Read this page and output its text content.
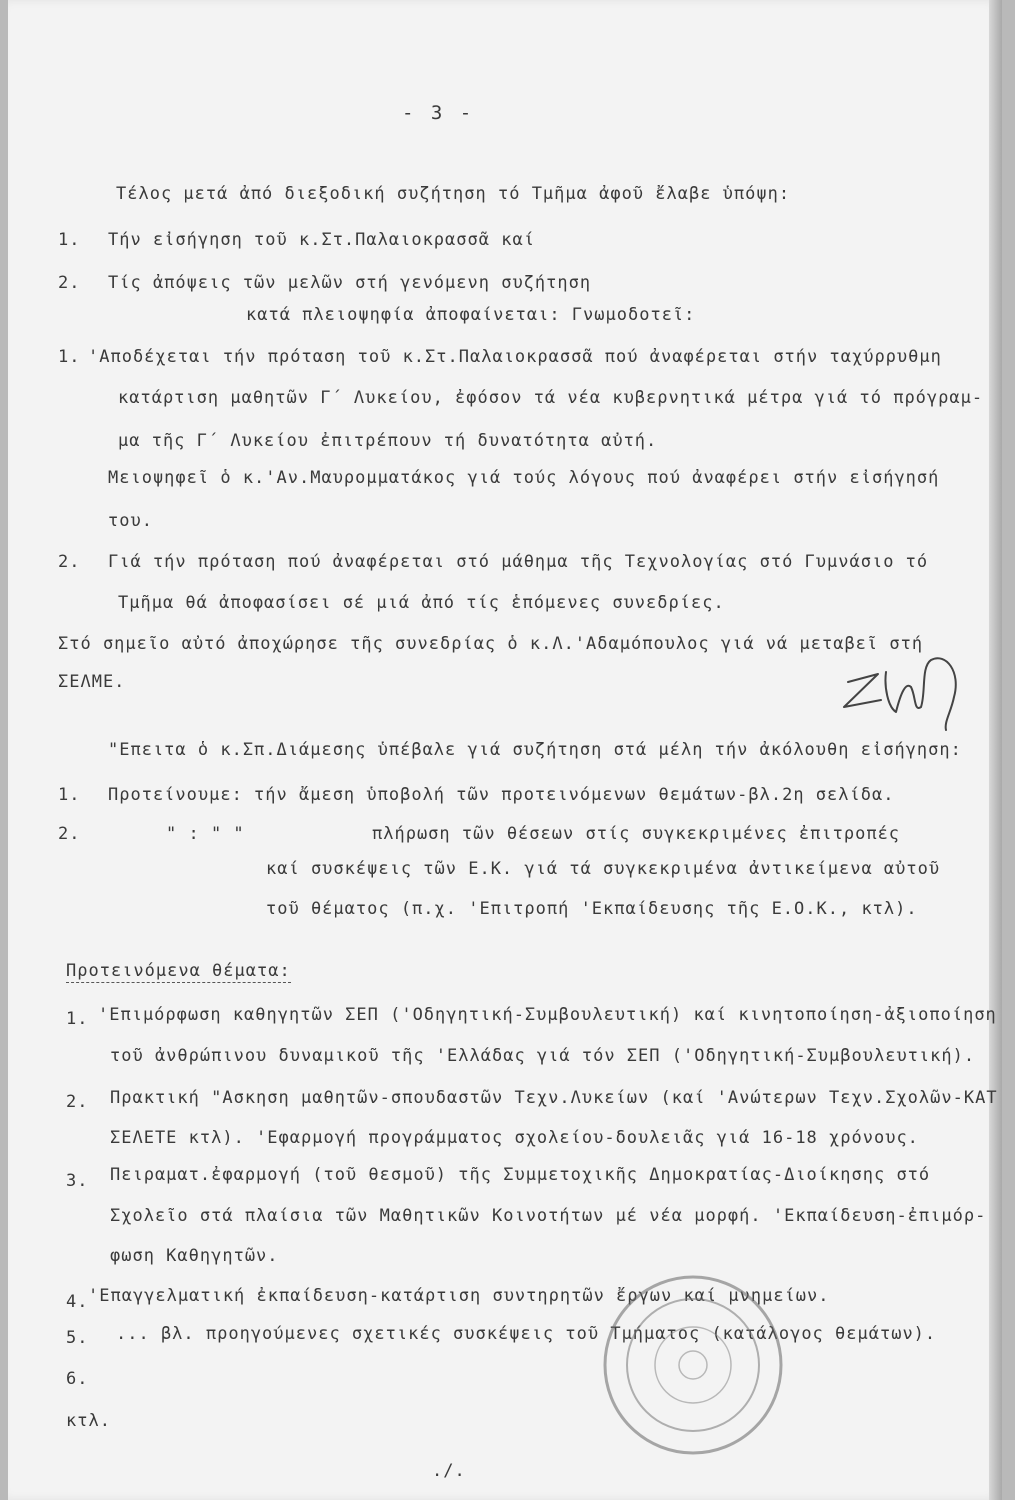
- 3 -
Τέλος μετά ἀπό διεξοδική συζήτηση τό Τμῆμα ἀφοῦ ἔλαβε ὑπόψη:
1. Τήν εἰσήγηση τοῦ κ.Στ.Παλαιοκρασσᾶ καί
2. Τίς ἀπόψεις τῶν μελῶν στή γενόμενη συζήτηση
κατά πλειοψηφία ἀποφαίνεται: Γνωμοδοτεῖ:
1. 'Αποδέχεται τήν πρόταση τοῦ κ.Στ.Παλαιοκρασσᾶ πού ἀναφέρεται στήν ταχύρρυθμη
κατάρτιση μαθητῶν Γ΄ Λυκείου, ἐφόσον τά νέα κυβερνητικά μέτρα γιά τό πρόγραμ-
μα τῆς Γ΄ Λυκείου ἐπιτρέπουν τή δυνατότητα αὐτή.
Μειοψηφεῖ ὁ κ.'Αν.Μαυρομματάκος γιά τούς λόγους πού ἀναφέρει στήν εἰσήγησή
του.
2. Γιά τήν πρόταση πού ἀναφέρεται στό μάθημα τῆς Τεχνολογίας στό Γυμνάσιο τό
Τμῆμα θά ἀποφασίσει σέ μιά ἀπό τίς ἑπόμενες συνεδρίες.
Στό σημεῖο αὐτό ἀποχώρησε τῆς συνεδρίας ὁ κ.Λ.'Αδαμόπουλος γιά νά μεταβεῖ στή
ΣΕΛΜΕ.
"Επειτα ὁ κ.Σπ.Διάμεσης ὑπέβαλε γιά συζήτηση στά μέλη τήν ἀκόλουθη εἰσήγηση:
1. Προτείνουμε: τήν ἄμεση ὑποβολή τῶν προτεινόμενων θεμάτων-βλ.2η σελίδα.
2.	" : " "	πλήρωση τῶν θέσεων στίς συγκεκριμένες ἐπιτροπές
καί συσκέψεις τῶν Ε.Κ. γιά τά συγκεκριμένα ἀντικείμενα αὐτοῦ
τοῦ θέματος (π.χ. 'Επιτροπή 'Εκπαίδευσης τῆς Ε.Ο.Κ., κτλ).
Προτεινόμενα θέματα:
1. 'Επιμόρφωση καθηγητῶν ΣΕΠ ('Οδηγητική-Συμβουλευτική) καί κινητοποίηση-ἀξιοποίηση
τοῦ ἀνθρώπινου δυναμικοῦ τῆς 'Ελλάδας γιά τόν ΣΕΠ ('Οδηγητική-Συμβουλευτική).
2. Πρακτική "Ασκηση μαθητῶν-σπουδαστῶν Τεχν.Λυκείων (καί 'Ανώτερων Τεχν.Σχολῶν-ΚΑΤ
ΣΕΛΕΤΕ κτλ). 'Εφαρμογή προγράμματος σχολείου-δουλειᾶς γιά 16-18 χρόνους.
3. Πειραματ.ἐφαρμογή (τοῦ θεσμοῦ) τῆς Συμμετοχικῆς Δημοκρατίας-Διοίκησης στό
Σχολεῖο στά πλαίσια τῶν Μαθητικῶν Κοινοτήτων μέ νέα μορφή. 'Εκπαίδευση-ἐπιμόρ-
φωση Καθηγητῶν.
4. 'Επαγγελματική ἐκπαίδευση-κατάρτιση συντηρητῶν ἔργων καί μνημείων.
5. ... βλ. προηγούμενες σχετικές συσκέψεις τοῦ Τμήματος (κατάλογος θεμάτων).
6.
κτλ.
./.
